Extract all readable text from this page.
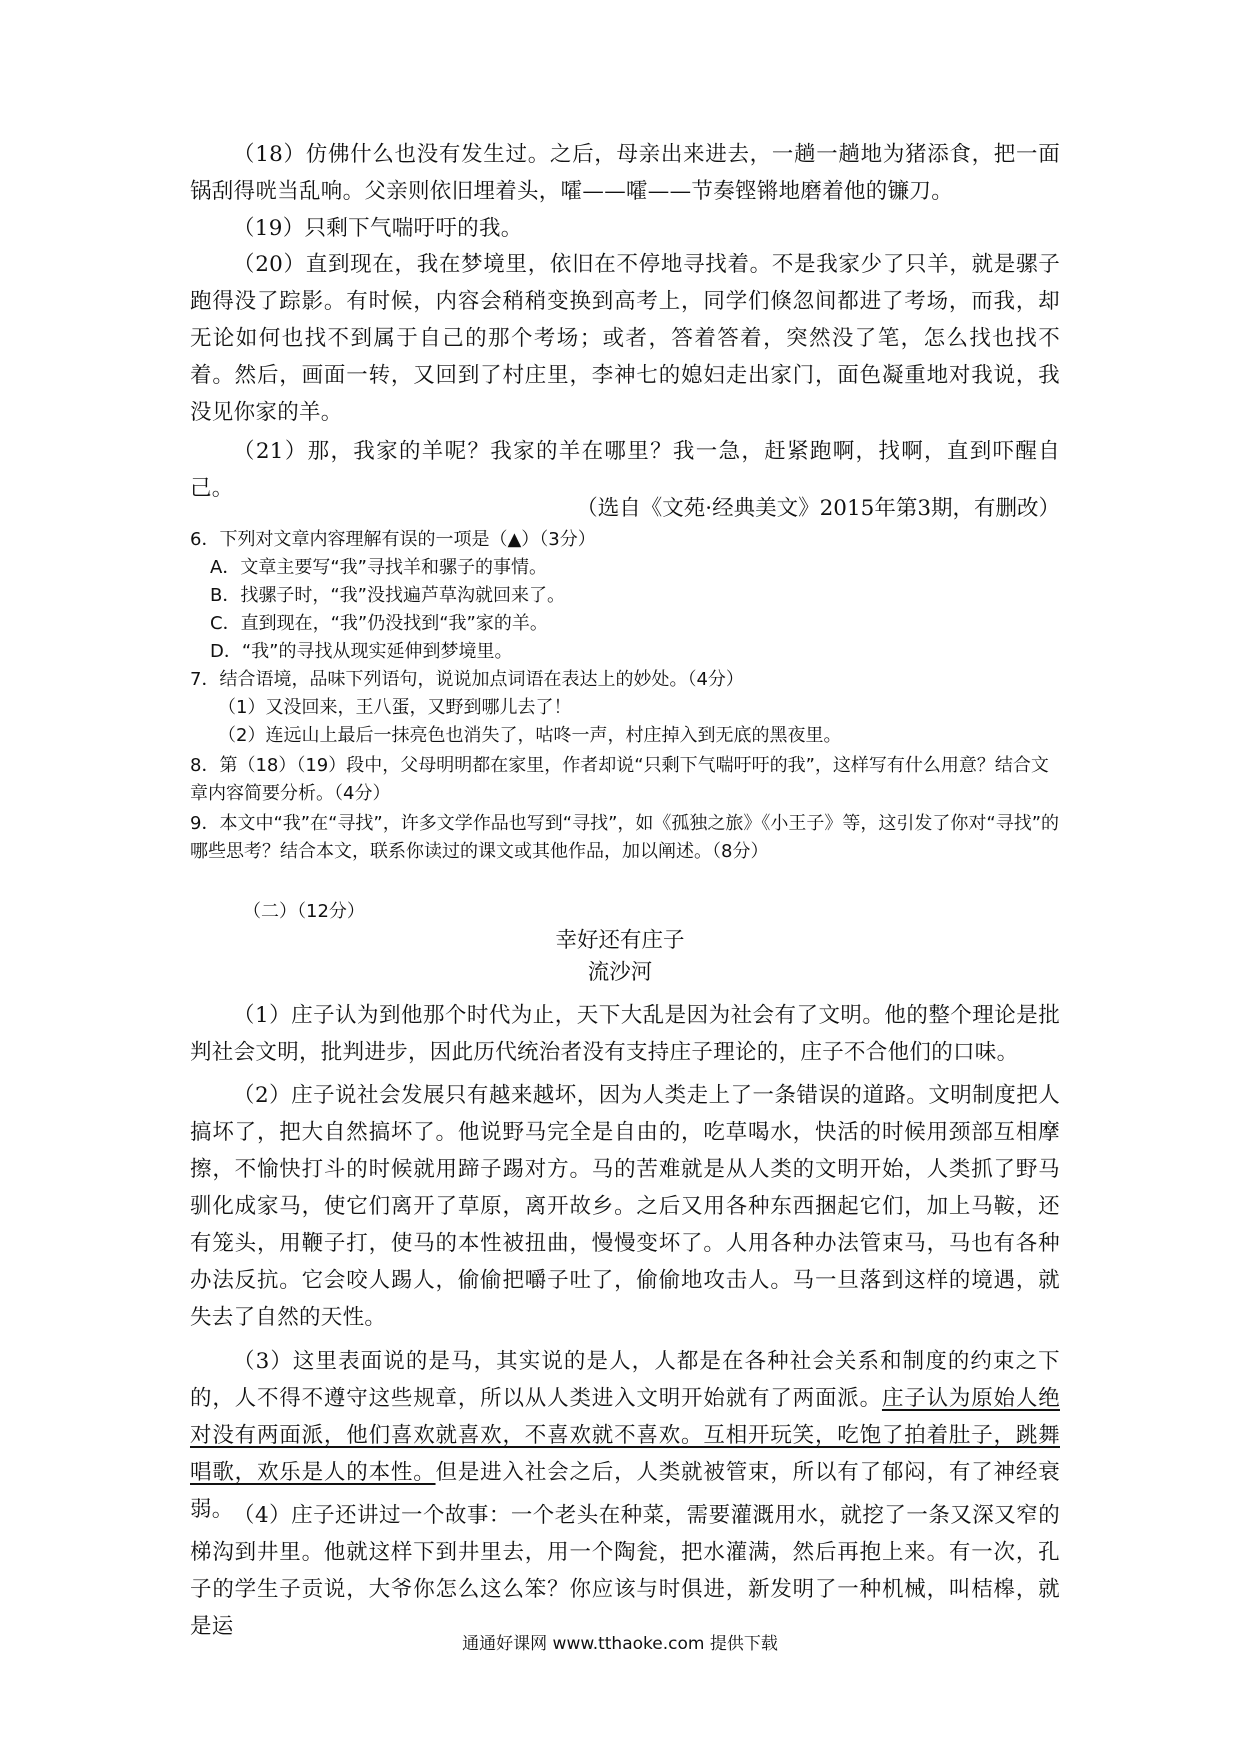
（18）仿佛什么也没有发生过。之后，母亲出来进去，一趟一趟地为猪添食，把一面锅刮得咣当乱响。父亲则依旧埋着头，嚯——嚯——节奏铿锵地磨着他的镰刀。

（19）只剩下气喘吁吁的我。

（20）直到现在，我在梦境里，依旧在不停地寻找着。不是我家少了只羊，就是骡子跑得没了踪影。有时候，内容会稍稍变换到高考上，同学们倏忽间都进了考场，而我，却无论如何也找不到属于自己的那个考场；或者，答着答着，突然没了笔，怎么找也找不着。然后，画面一转，又回到了村庄里，李神七的媳妇走出家门，面色凝重地对我说，我没见你家的羊。

（21）那，我家的羊呢？我家的羊在哪里？我一急，赶紧跑啊，找啊，直到吓醒自己。

（选自《文苑·经典美文》2015年第3期，有删改）

6．下列对文章内容理解有误的一项是（▲）（3分）

A．文章主要写“我”寻找羊和骡子的事情。

B．找骡子时，“我”没找遍芦草沟就回来了。

C．直到现在，“我”仍没找到“我”家的羊。

D．“我”的寻找从现实延伸到梦境里。

7．结合语境，品味下列语句，说说加点词语在表达上的妙处。（4分）

（1）又没回来，王八蛋，又野到哪儿去了！

（2）连远山上最后一抹亮色也消失了，咕咚一声，村庄掉入到无底的黑夜里。

8．第（18）（19）段中，父母明明都在家里，作者却说“只剩下气喘吁吁的我”，这样写有什么用意？结合文章内容简要分析。（4分）

9．本文中“我”在“寻找”，许多文学作品也写到“寻找”，如《孤独之旅》《小王子》等，这引发了你对“寻找”的哪些思考？结合本文，联系你读过的课文或其他作品，加以阐述。（8分）

（二）（12分）

幸好还有庄子
流沙河

（1）庄子认为到他那个时代为止，天下大乱是因为社会有了文明。他的整个理论是批判社会文明，批判进步，因此历代统治者没有支持庄子理论的，庄子不合他们的口味。

（2）庄子说社会发展只有越来越坏，因为人类走上了一条错误的道路。文明制度把人搞坏了，把大自然搞坏了。他说野马完全是自由的，吃草喝水，快活的时候用颈部互相摩擦，不愉快打斗的时候就用蹄子踢对方。马的苦难就是从人类的文明开始，人类抓了野马驯化成家马，使它们离开了草原，离开故乡。之后又用各种东西捆起它们，加上马鞍，还有笼头，用鞭子打，使马的本性被扭曲，慢慢变坏了。人用各种办法管束马，马也有各种办法反抗。它会咬人踢人，偷偷把嚼子吐了，偷偷地攻击人。马一旦落到这样的境遇，就失去了自然的天性。

（3）这里表面说的是马，其实说的是人，人都是在各种社会关系和制度的约束之下的，人不得不遵守这些规章，所以从人类进入文明开始就有了两面派。庄子认为原始人绝对没有两面派，他们喜欢就喜欢，不喜欢就不喜欢。互相开玩笑，吃饱了拍着肚子，跳舞唱歌，欢乐是人的本性。但是进入社会之后，人类就被管束，所以有了郁闷，有了神经衰弱。 （4）庄子还讲过一个故事：一个老头在种菜，需要灌溉用水，就挖了一条又深又窄的梯沟到井里。他就这样下到井里去，用一个陶瓮，把水灌满，然后再抱上来。有一次，孔子的学生子贡说，大爷你怎么这么笨？你应该与时俱进，新发明了一种机械，叫桔槔，就是运

通通好课网 www.tthaoke.com 提供下载
